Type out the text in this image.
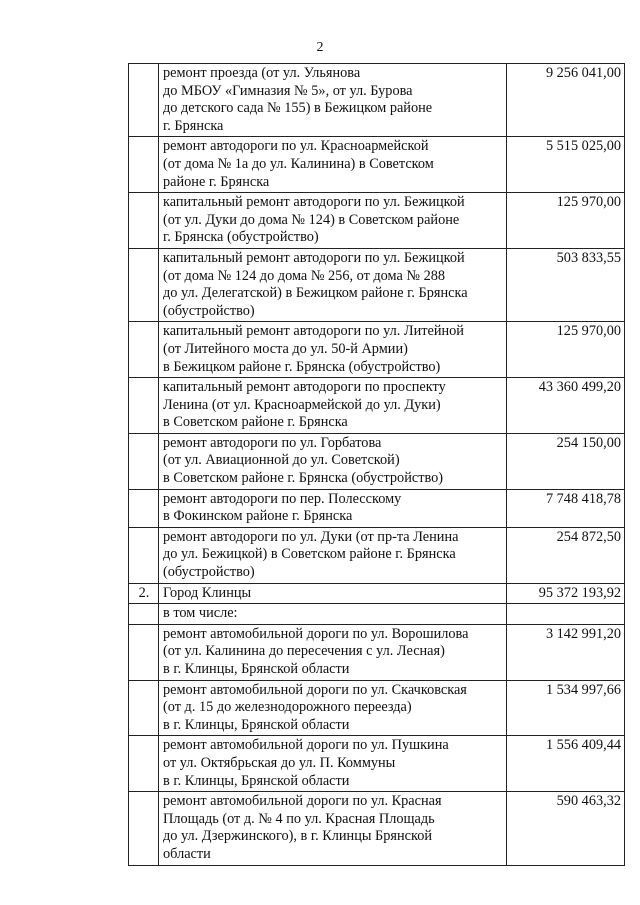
2

	ремонт проезда (от ул. Ульянова
до МБОУ «Гимназия № 5», от ул. Бурова
до детского сада № 155) в Бежицком районе
г. Брянска	9 256 041,00

	ремонт автодороги по ул. Красноармейской
(от дома № 1а до ул. Калинина) в Советском
районе г. Брянска	5 515 025,00

	капитальный ремонт автодороги по ул. Бежицкой
(от ул. Дуки до дома № 124) в Советском районе
г. Брянска (обустройство)	125 970,00

	капитальный ремонт автодороги по ул. Бежицкой
(от дома № 124 до дома № 256, от дома № 288
до ул. Делегатской) в Бежицком районе г. Брянска
(обустройство)	503 833,55

	капитальный ремонт автодороги по ул. Литейной
(от Литейного моста до ул. 50-й Армии)
в Бежицком районе г. Брянска (обустройство)	125 970,00

	капитальный ремонт автодороги по проспекту
Ленина (от ул. Красноармейской до ул. Дуки)
в Советском районе г. Брянска	43 360 499,20

	ремонт автодороги по ул. Горбатова
(от ул. Авиационной до ул. Советской)
в Советском районе г. Брянска (обустройство)	254 150,00

	ремонт автодороги по пер. Полесскому
в Фокинском районе г. Брянска	7 748 418,78

	ремонт автодороги по ул. Дуки (от пр-та Ленина
до ул. Бежицкой) в Советском районе г. Брянска
(обустройство)	254 872,50
2.	Город Клинцы	95 372 193,92

	в том числе:	

	ремонт автомобильной дороги по ул. Ворошилова
(от ул. Калинина до пересечения с ул. Лесная)
в г. Клинцы, Брянской области	3 142 991,20

	ремонт автомобильной дороги по ул. Скачковская
(от д. 15 до железнодорожного переезда)
в г. Клинцы, Брянской области	1 534 997,66

	ремонт автомобильной дороги по ул. Пушкина
от ул. Октябрьская до ул. П. Коммуны
в г. Клинцы, Брянской области	1 556 409,44

	ремонт автомобильной дороги по ул. Красная
Площадь (от д. № 4 по ул. Красная Площадь
до ул. Дзержинского), в г. Клинцы Брянской
области	590 463,32
